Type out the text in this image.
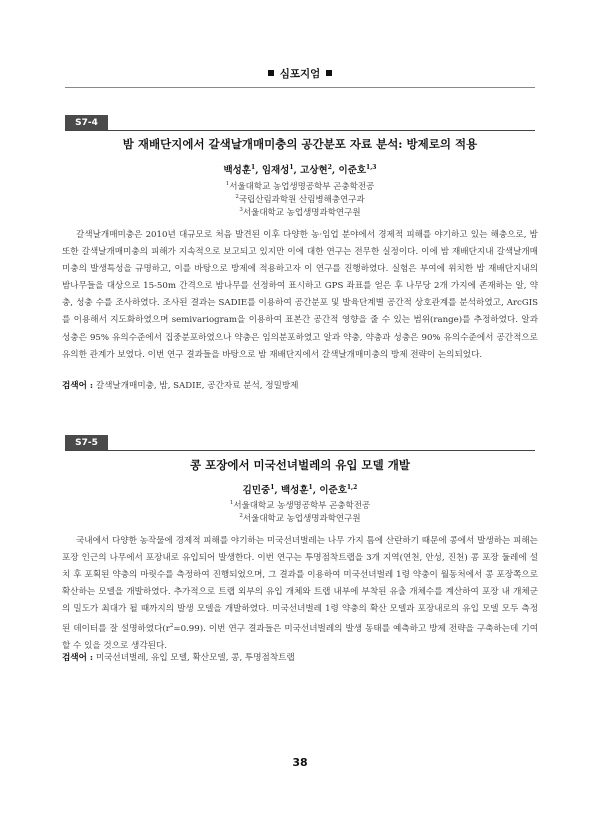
심포지엄
S7-4
밤 재배단지에서 갈색날개매미충의 공간분포 자료 분석: 방제로의 적용
백성훈$^1$, 임재성$^1$, 고상현$^2$, 이준호$^{1,3}$
$^1$서울대학교 농업생명공학부 곤충학전공
$^2$국립산림과학원 산림병해충연구과
$^3$서울대학교 농업생명과학연구원
갈색날개매미충은 2010년 대규모로 처음 발견된 이후 다양한 농·임업 분야에서 경제적 피해를 야기하고 있는 해충으로, 밤 또한 갈색날개매미충의 피해가 지속적으로 보고되고 있지만 이에 대한 연구는 전무한 실정이다. 이에 밤 재배단지내 갈색날개매미충의 발생특성을 규명하고, 이를 바탕으로 방제에 적용하고자 이 연구를 진행하였다. 실험은 부여에 위치한 밤 재배단지내의 밤나무들을 대상으로 15-50m 간격으로 밤나무를 선정하여 표시하고 GPS 좌표를 얻은 후 나무당 2개 가지에 존재하는 알, 약충, 성충 수를 조사하였다. 조사된 결과는 SADIE를 이용하여 공간분포 및 발육단계별 공간적 상호관계를 분석하였고, ArcGIS를 이용해서 지도화하였으며 semivariogram을 이용하여 표본간 공간적 영향을 줄 수 있는 범위(range)를 추정하였다. 알과 성충은 95% 유의수준에서 집중분포하였으나 약충은 임의분포하였고 알과 약충, 약충과 성충은 90% 유의수준에서 공간적으로 유의한 관계가 보였다. 이번 연구 결과들을 바탕으로 밤 재배단지에서 갈색날개매미충의 방제 전략이 논의되었다.
검색어 : 갈색날개매미충, 밤, SADIE, 공간자료 분석, 정밀방제
S7-5
콩 포장에서 미국선녀벌레의 유입 모델 개발
김민중$^1$, 백성훈$^1$, 이준호$^{1,2}$
$^1$서울대학교 농생명공학부 곤충학전공
$^2$서울대학교 농업생명과학연구원
국내에서 다양한 농작물에 경제적 피해를 야기하는 미국선녀벌레는 나무 가지 틈에 산란하기 때문에 콩에서 발생하는 피해는 포장 인근의 나무에서 포장내로 유입되어 발생한다. 이번 연구는 투명점착트랩을 3개 지역(연천, 안성, 진천) 콩 포장 둘레에 설치 후 포획된 약충의 마릿수를 측정하여 진행되었으며, 그 결과를 이용하여 미국선녀벌레 1령 약충이 월동처에서 콩 포장쪽으로 확산하는 모델을 개발하였다. 추가적으로 트랩 외부의 유입 개체와 트랩 내부에 부착된 유출 개체수를 계산하여 포장 내 개체군의 밀도가 최대가 될 때까지의 발생 모델을 개발하였다. 미국선녀벌레 1령 약충의 확산 모델과 포장내로의 유입 모델 모두 측정된 데이터를 잘 설명하였다$(r^2=0.99)$. 이번 연구 결과들은 미국선녀벌레의 발생 동태를 예측하고 방제 전략을 구축하는데 기여할 수 있을 것으로 생각된다.
검색어 : 미국선녀벌레, 유입 모델, 확산모델, 콩, 투명점착트랩
38
